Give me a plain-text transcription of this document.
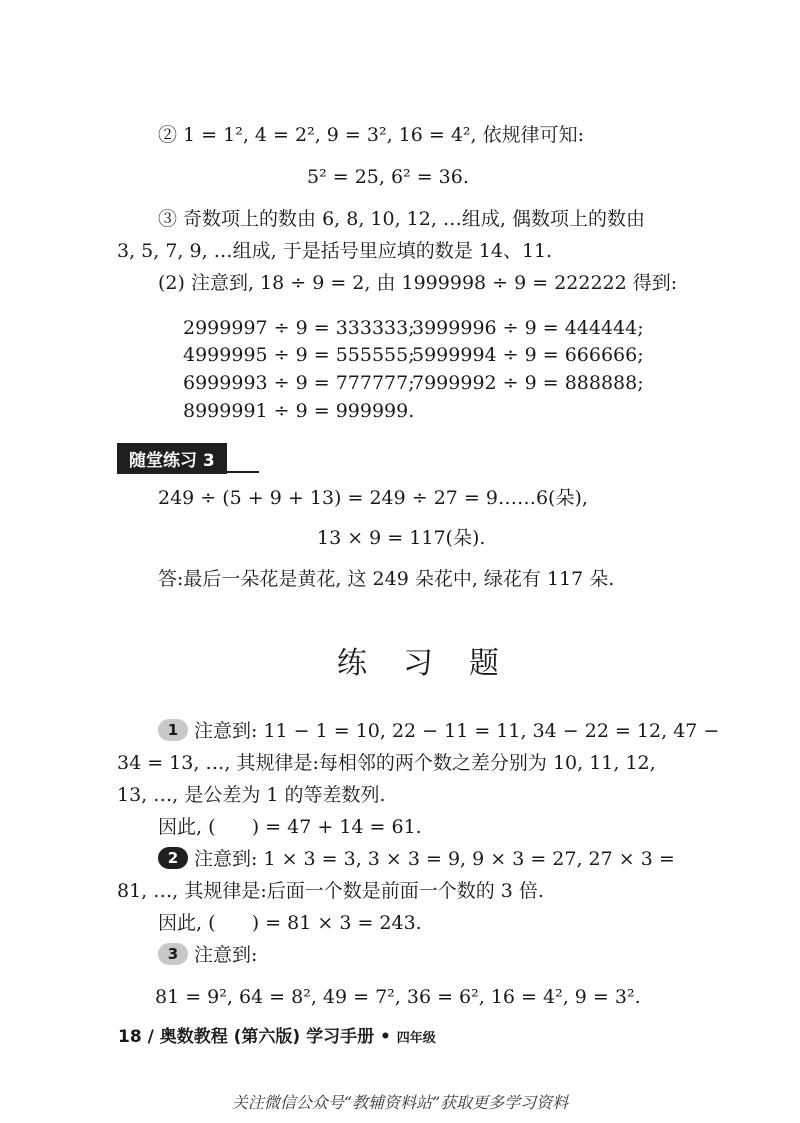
② 1 = 1², 4 = 2², 9 = 3², 16 = 4², 依规律可知:
5² = 25, 6² = 36.
③ 奇数项上的数由 6, 8, 10, 12, …组成, 偶数项上的数由
3, 5, 7, 9, …组成, 于是括号里应填的数是 14、11.
(2) 注意到, 18 ÷ 9 = 2, 由 1999998 ÷ 9 = 222222 得到:
2999997 ÷ 9 = 333333;
3999996 ÷ 9 = 444444;
4999995 ÷ 9 = 555555;
5999994 ÷ 9 = 666666;
6999993 ÷ 9 = 777777;
7999992 ÷ 9 = 888888;
8999991 ÷ 9 = 999999.
随堂练习 3
249 ÷ (5 + 9 + 13) = 249 ÷ 27 = 9……6(朵),
13 × 9 = 117(朵).
答:最后一朵花是黄花, 这 249 朵花中, 绿花有 117 朵.
练习题
1 注意到: 11 − 1 = 10, 22 − 11 = 11, 34 − 22 = 12, 47 −
34 = 13, …, 其规律是:每相邻的两个数之差分别为 10, 11, 12,
13, …, 是公差为 1 的等差数列.
因此, (      ) = 47 + 14 = 61.
2 注意到: 1 × 3 = 3, 3 × 3 = 9, 9 × 3 = 27, 27 × 3 =
81, …, 其规律是:后面一个数是前面一个数的 3 倍.
因此, (      ) = 81 × 3 = 243.
3 注意到:
81 = 9², 64 = 8², 49 = 7², 36 = 6², 16 = 4², 9 = 3².
18 / 奥数教程 (第六版) 学习手册 • 四年级
关注微信公众号“教辅资料站”获取更多学习资料
